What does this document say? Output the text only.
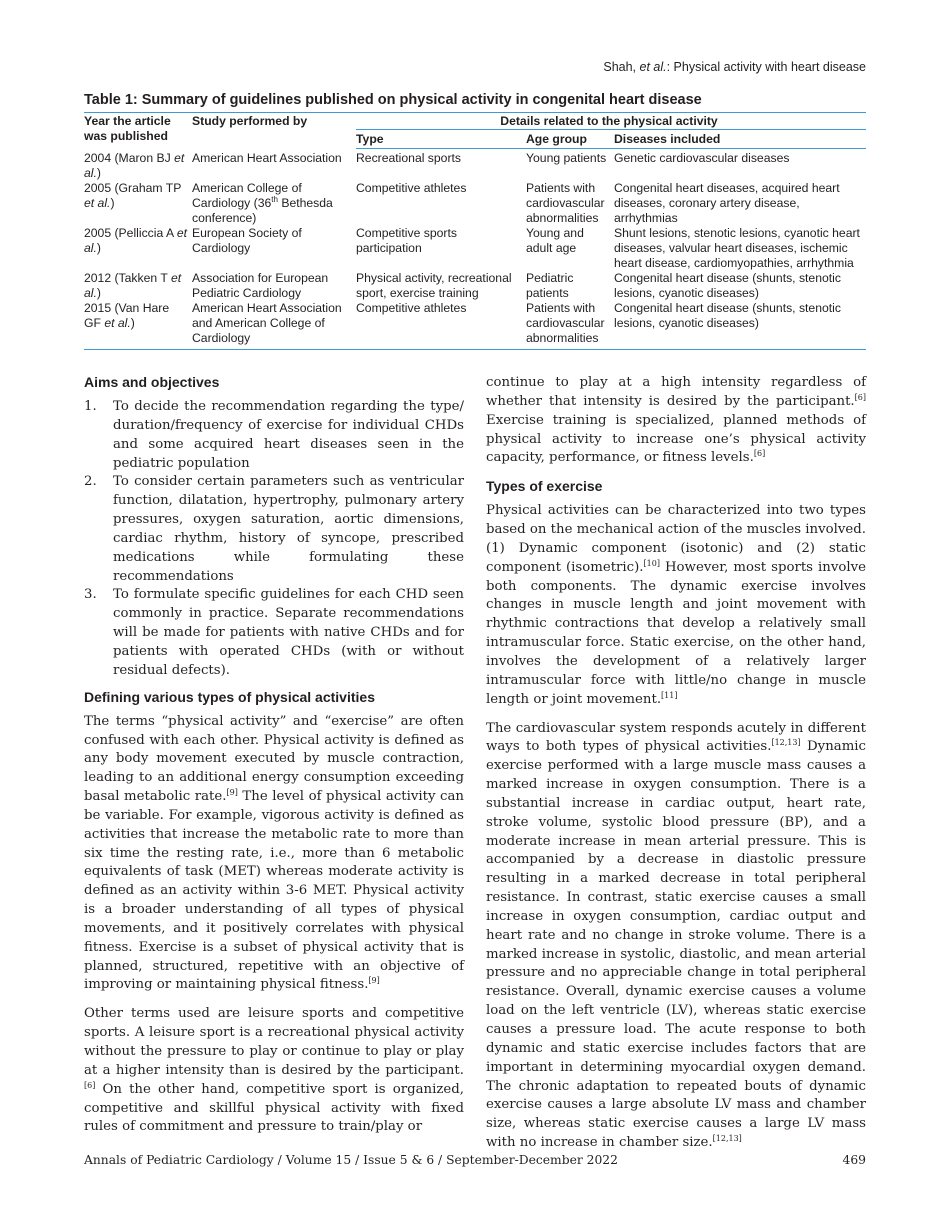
Shah, et al.: Physical activity with heart disease
Table 1: Summary of guidelines published on physical activity in congenital heart disease
Year the article was published	Study performed by	Details related to the physical activity		
		Type	Age group	Diseases included
2004 (Maron BJ et al.)	American Heart Association	Recreational sports	Young patients	Genetic cardiovascular diseases
2005 (Graham TP et al.)	American College of Cardiology (36th Bethesda conference)	Competitive athletes	Patients with cardiovascular abnormalities	Congenital heart diseases, acquired heart diseases, coronary artery disease, arrhythmias
2005 (Pelliccia A et al.)	European Society of Cardiology	Competitive sports participation	Young and adult age	Shunt lesions, stenotic lesions, cyanotic heart diseases, valvular heart diseases, ischemic heart disease, cardiomyopathies, arrhythmia
2012 (Takken T et al.)	Association for European Pediatric Cardiology	Physical activity, recreational sport, exercise training	Pediatric patients	Congenital heart disease (shunts, stenotic lesions, cyanotic diseases)
2015 (Van Hare GF et al.)	American Heart Association and American College of Cardiology	Competitive athletes	Patients with cardiovascular abnormalities	Congenital heart disease (shunts, stenotic lesions, cyanotic diseases)
Aims and objectives
1. To decide the recommendation regarding the type/ duration/frequency of exercise for individual CHDs and some acquired heart diseases seen in the pediatric population
2. To consider certain parameters such as ventricular function, dilatation, hypertrophy, pulmonary artery pressures, oxygen saturation, aortic dimensions, cardiac rhythm, history of syncope, prescribed medications while formulating these recommendations
3. To formulate specific guidelines for each CHD seen commonly in practice. Separate recommendations will be made for patients with native CHDs and for patients with operated CHDs (with or without residual defects).
Defining various types of physical activities

The terms “physical activity” and “exercise” are often confused with each other. Physical activity is defined as any body movement executed by muscle contraction, leading to an additional energy consumption exceeding basal metabolic rate.[9] The level of physical activity can be variable. For example, vigorous activity is defined as activities that increase the metabolic rate to more than six time the resting rate, i.e., more than 6 metabolic equivalents of task (MET) whereas moderate activity is defined as an activity within 3-6 MET. Physical activity is a broader understanding of all types of physical movements, and it positively correlates with physical fitness. Exercise is a subset of physical activity that is planned, structured, repetitive with an objective of improving or maintaining physical fitness.[9]

Other terms used are leisure sports and competitive sports. A leisure sport is a recreational physical activity without the pressure to play or continue to play or play at a higher intensity than is desired by the participant.[6] On the other hand, competitive sport is organized, competitive and skillful physical activity with fixed rules of commitment and pressure to train/play or

continue to play at a high intensity regardless of whether that intensity is desired by the participant.[6] Exercise training is specialized, planned methods of physical activity to increase one’s physical activity capacity, performance, or fitness levels.[6]

Types of exercise

Physical activities can be characterized into two types based on the mechanical action of the muscles involved. (1) Dynamic component (isotonic) and (2) static component (isometric).[10] However, most sports involve both components. The dynamic exercise involves changes in muscle length and joint movement with rhythmic contractions that develop a relatively small intramuscular force. Static exercise, on the other hand, involves the development of a relatively larger intramuscular force with little/no change in muscle length or joint movement.[11]

The cardiovascular system responds acutely in different ways to both types of physical activities.[12,13] Dynamic exercise performed with a large muscle mass causes a marked increase in oxygen consumption. There is a substantial increase in cardiac output, heart rate, stroke volume, systolic blood pressure (BP), and a moderate increase in mean arterial pressure. This is accompanied by a decrease in diastolic pressure resulting in a marked decrease in total peripheral resistance. In contrast, static exercise causes a small increase in oxygen consumption, cardiac output and heart rate and no change in stroke volume. There is a marked increase in systolic, diastolic, and mean arterial pressure and no appreciable change in total peripheral resistance. Overall, dynamic exercise causes a volume load on the left ventricle (LV), whereas static exercise causes a pressure load. The acute response to both dynamic and static exercise includes factors that are important in determining myocardial oxygen demand. The chronic adaptation to repeated bouts of dynamic exercise causes a large absolute LV mass and chamber size, whereas static exercise causes a large LV mass with no increase in chamber size.[12,13]

Annals of Pediatric Cardiology / Volume 15 / Issue 5 & 6 / September-December 2022	469
